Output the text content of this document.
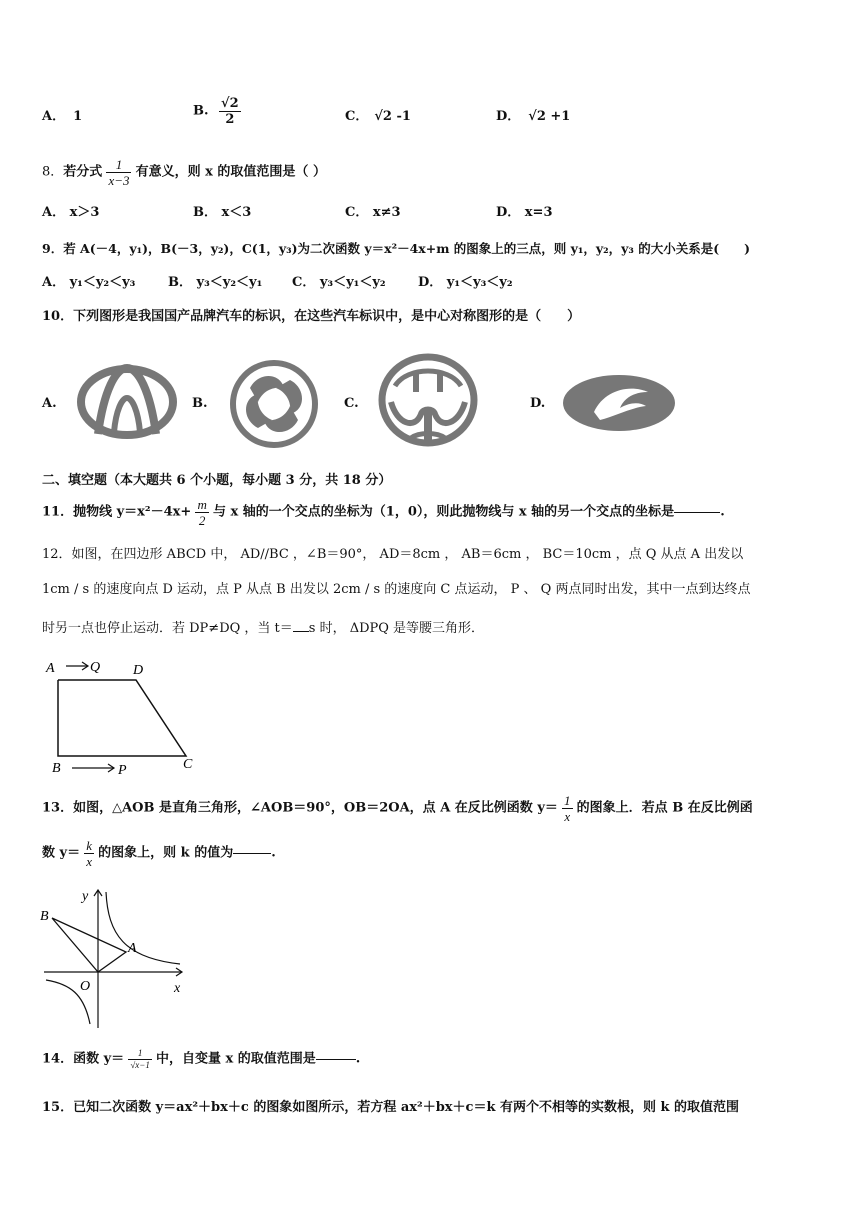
A． 1	B. $\frac{√2}{2}$	C． √2 -1	D． √2 +1
8．若分式 $\frac{1}{x-3}$ 有意义，则 x 的取值范围是（ ）
A． x＞3	B． x＜3	C． x≠3	D． x=3
9．若 A(－4，y₁)，B(－3，y₂)，C(1，y₃)为二次函数 y＝x²－4x+m 的图象上的三点，则 y₁，y₂，y₃ 的大小关系是(　　)
A． y₁＜y₂＜y₃	B． y₃＜y₂＜y₁ C． y₃＜y₁＜y₂ D． y₁＜y₃＜y₂
10．下列图形是我国国产品牌汽车的标识，在这些汽车标识中，是中心对称图形的是（　　）
A.	B.	C.	D.
二、填空题（本大题共 6 个小题，每小题 3 分，共 18 分）
11．抛物线 $y=x^2-4x+ \frac{m}{2}$ 与 x 轴的一个交点的坐标为（1，0），则此抛物线与 x 轴的另一个交点的坐标是	.
12．如图，在四边形 ABCD 中， AD//BC ，∠B＝90°， AD＝8cm ， AB＝6cm ， BC＝10cm ，点 Q 从点 A 出发以
1cm / s 的速度向点 D 运动，点 P 从点 B 出发以 2cm / s 的速度向 C 点运动， P 、 Q 两点同时出发，其中一点到达终点
时另一点也停止运动．若 DP≠DQ ，当 t＝ s 时， ΔDPQ 是等腰三角形．
A	Q D
B	P	C
13．如图，△AOB 是直角三角形，∠AOB＝90°，OB＝2OA，点 A 在反比例函数 $y= \frac{1}{x}$ 的图象上．若点 B 在反比例函
数 $y= \frac{k}{x}$ 的图象上，则 k 的值为	.
y
B
A
O	x
14．函数 $y= \frac{1}{√x-1}$ 中，自变量 x 的取值范围是	.
15．已知二次函数 y＝ax²＋bx＋c 的图象如图所示，若方程 ax²＋bx＋c＝k 有两个不相等的实数根，则 k 的取值范围
